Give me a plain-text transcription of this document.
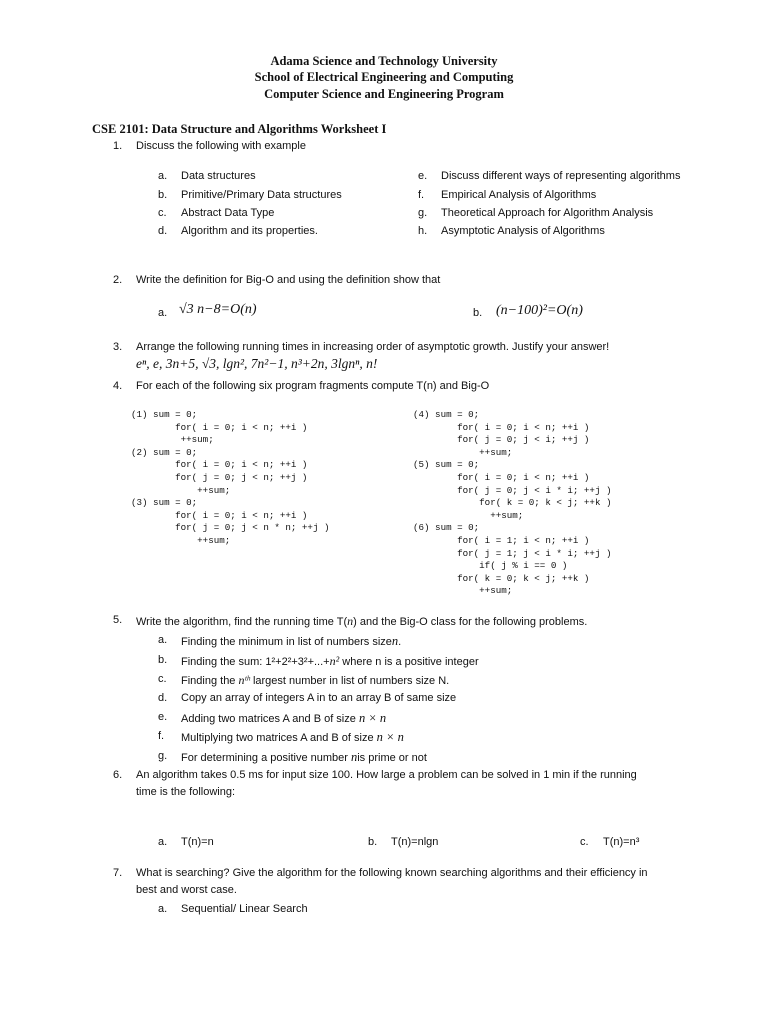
Adama Science and Technology University
School of Electrical Engineering and Computing
Computer Science and Engineering Program
CSE 2101: Data Structure and Algorithms Worksheet I
1. Discuss the following with example
a. Data structures
b. Primitive/Primary Data structures
c. Abstract Data Type
d. Algorithm and its properties.
e. Discuss different ways of representing algorithms
f. Empirical Analysis of Algorithms
g. Theoretical Approach for Algorithm Analysis
h. Asymptotic Analysis of Algorithms
2. Write the definition for Big-O and using the definition show that
a. √3 n−8=O(n)	b. (n−100)²=O(n)
3. Arrange the following running times in increasing order of asymptotic growth. Justify your answer!
eⁿ, e, 3n+5, √3, lgn², 7n²−1, n³+2n, 3lgnⁿ, n!
4. For each of the following six program fragments compute T(n) and Big-O
(1) sum = 0;
for( i = 0; i < n; ++i )
++sum;
(2) sum = 0;
for( i = 0; i < n; ++i )
for( j = 0; j < n; ++j )
++sum;
(3) sum = 0;
for( i = 0; i < n; ++i )
for( j = 0; j < n * n; ++j )
++sum;
(4) sum = 0;
for( i = 0; i < n; ++i )
for( j = 0; j < i; ++j )
++sum;
(5) sum = 0;
for( i = 0; i < n; ++i )
for( j = 0; j < i * i; ++j )
for( k = 0; k < j; ++k )
++sum;
(6) sum = 0;
for( i = 1; i < n; ++i )
for( j = 1; j < i * i; ++j )
if( j % i == 0 )
for( k = 0; k < j; ++k )
++sum;
5. Write the algorithm, find the running time T(n) and the Big-O class for the following problems.
a. Finding the minimum in list of numbers sizen.
b. Finding the sum: 1²+2²+3²+...+n² where n is a positive integer
c. Finding the nᵗʰ largest number in list of numbers size N.
d. Copy an array of integers A in to an array B of same size
e. Adding two matrices A and B of size n × n
f. Multiplying two matrices A and B of size n × n
g. For determining a positive number nis prime or not
6. An algorithm takes 0.5 ms for input size 100. How large a problem can be solved in 1 min if the running
time is the following:
a. T(n)=n	b. T(n)=nlgn	c. T(n)=n³
7. What is searching? Give the algorithm for the following known searching algorithms and their efficiency in
best and worst case.
a. Sequential/ Linear Search
